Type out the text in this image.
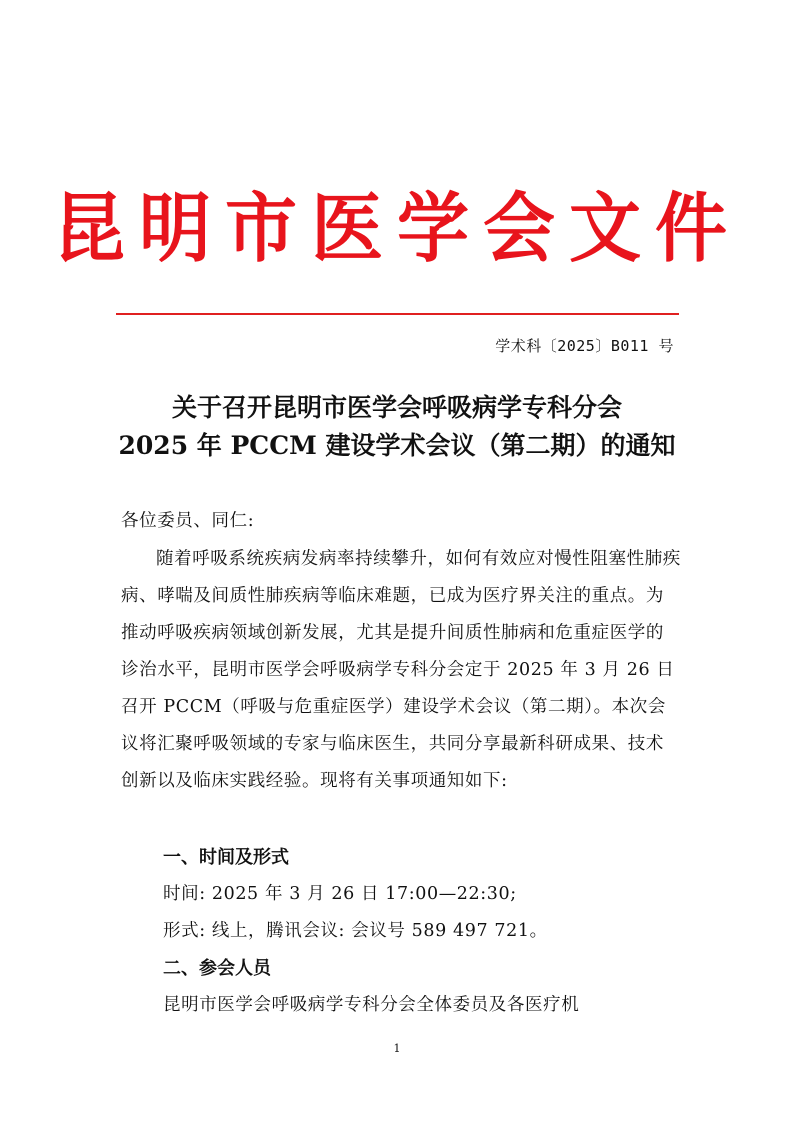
昆明市医学会文件
学术科〔2025〕B011 号
关于召开昆明市医学会呼吸病学专科分会
2025 年 PCCM 建设学术会议（第二期）的通知
各位委员、同仁:

随着呼吸系统疾病发病率持续攀升，如何有效应对慢性阻塞性肺疾病、哮喘及间质性肺疾病等临床难题，已成为医疗界关注的重点。为推动呼吸疾病领域创新发展，尤其是提升间质性肺病和危重症医学的诊治水平，昆明市医学会呼吸病学专科分会定于 2025 年 3 月 26 日召开 PCCM（呼吸与危重症医学）建设学术会议（第二期）。本次会议将汇聚呼吸领域的专家与临床医生，共同分享最新科研成果、技术创新以及临床实践经验。现将有关事项通知如下:

一、时间及形式
时间: 2025 年 3 月 26 日 17:00—22:30;
形式: 线上，腾讯会议: 会议号 589 497 721。
二、参会人员
昆明市医学会呼吸病学专科分会全体委员及各医疗机
1
